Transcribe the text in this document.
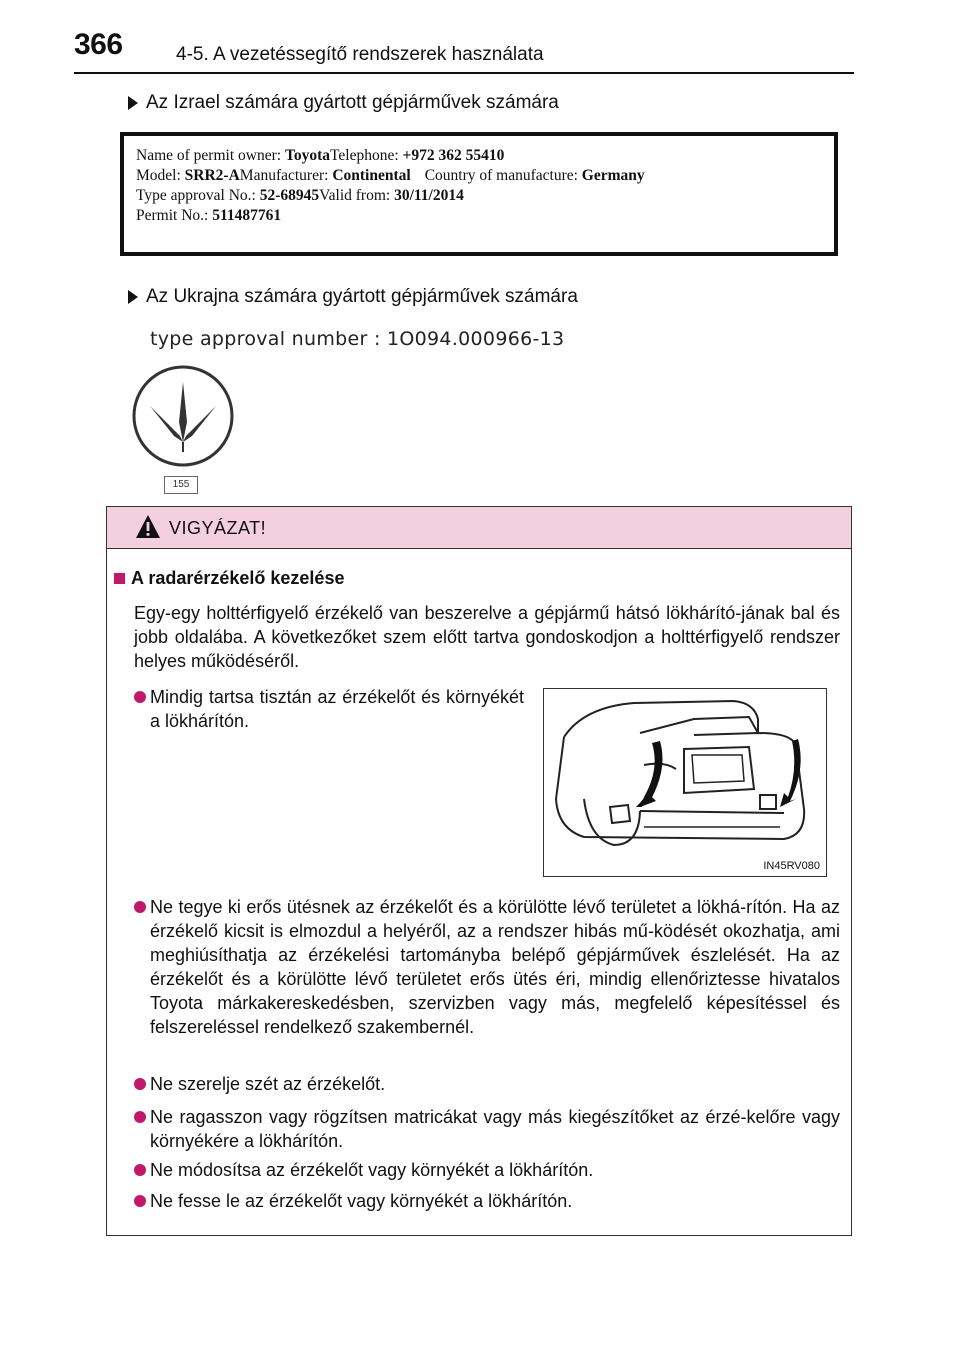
366	4-5. A vezetéssegítő rendszerek használata
Az Izrael számára gyártott gépjárművek számára
Name of permit owner: ToyotaTelephone: +972 362 55410
Model: SRR2-AManufacturer: Continental Country of manufacture: Germany
Type approval No.: 52-68945Valid from: 30/11/2014
Permit No.: 511487761
Az Ukrajna számára gyártott gépjárművek számára
type approval number : 1O094.000966-13
155
VIGYÁZAT!
A radarérzékelő kezelése
Egy-egy holttérfigyelő érzékelő van beszerelve a gépjármű hátsó lökhárító-jának bal és jobb oldalába. A következőket szem előtt tartva gondoskodjon a holttérfigyelő rendszer helyes működéséről.
Mindig tartsa tisztán az érzékelőt és környékét a lökhárítón.
IN45RV080
Ne tegye ki erős ütésnek az érzékelőt és a körülötte lévő területet a lökhá-rítón. Ha az érzékelő kicsit is elmozdul a helyéről, az a rendszer hibás mű-ködését okozhatja, ami meghiúsíthatja az érzékelési tartományba belépő gépjárművek észlelését. Ha az érzékelőt és a körülötte lévő területet erős ütés éri, mindig ellenőriztesse hivatalos Toyota márkakereskedésben, szervizben vagy más, megfelelő képesítéssel és felszereléssel rendelkező szakembernél.
Ne szerelje szét az érzékelőt.
Ne ragasszon vagy rögzítsen matricákat vagy más kiegészítőket az érzé-kelőre vagy környékére a lökhárítón.
Ne módosítsa az érzékelőt vagy környékét a lökhárítón.
Ne fesse le az érzékelőt vagy környékét a lökhárítón.
